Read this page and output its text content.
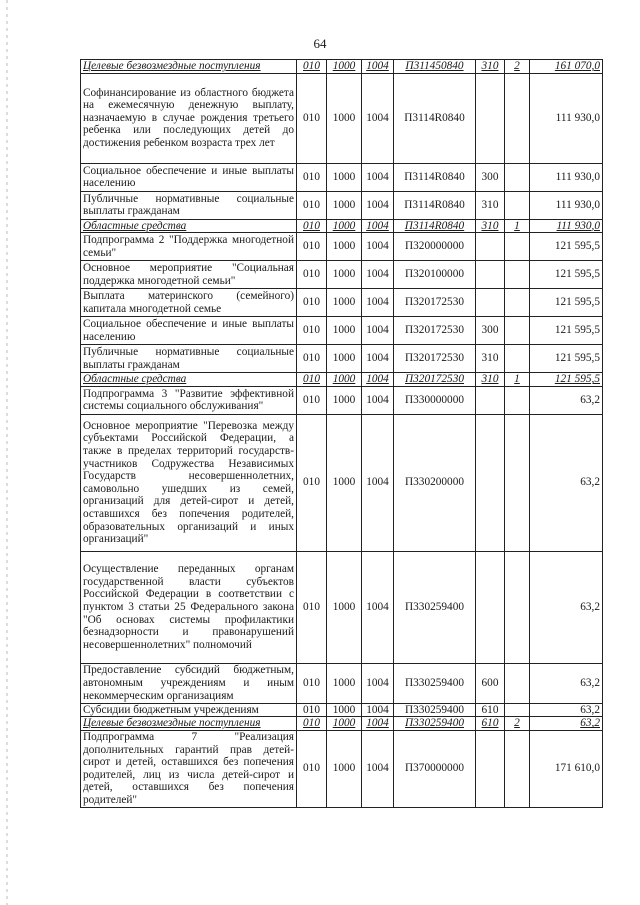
64
Целевые безвозмездные поступления	010	1000	1004	П311450840	310	2	161 070,0
Софинансирование из областного бюджета на ежемесячную денежную выплату, назначаемую в случае рождения третьего ребенка или последующих детей до достижения ребенком возраста трех лет	010	1000	1004	П3114R0840			111 930,0
Социальное обеспечение и иные выплаты населению	010	1000	1004	П3114R0840	300		111 930,0
Публичные нормативные социальные выплаты гражданам	010	1000	1004	П3114R0840	310		111 930,0
Областные средства	010	1000	1004	П3114R0840	310	1	111 930,0
Подпрограмма 2 "Поддержка многодетной семьи"	010	1000	1004	П320000000			121 595,5
Основное мероприятие "Социальная поддержка многодетной семьи"	010	1000	1004	П320100000			121 595,5
Выплата материнского (семейного) капитала многодетной семье	010	1000	1004	П320172530			121 595,5
Социальное обеспечение и иные выплаты населению	010	1000	1004	П320172530	300		121 595,5
Публичные нормативные социальные выплаты гражданам	010	1000	1004	П320172530	310		121 595,5
Областные средства	010	1000	1004	П320172530	310	1	121 595,5
Подпрограмма 3 "Развитие эффективной системы социального обслуживания"	010	1000	1004	П330000000			63,2
Основное мероприятие "Перевозка между субъектами Российской Федерации, а также в пределах территорий государств-участников Содружества Независимых Государств несовершеннолетних, самовольно ушедших из семей, организаций для детей-сирот и детей, оставшихся без попечения родителей, образовательных организаций и иных организаций"	010	1000	1004	П330200000			63,2
Осуществление переданных органам государственной власти субъектов Российской Федерации в соответствии с пунктом 3 статьи 25 Федерального закона "Об основах системы профилактики безнадзорности и правонарушений несовершеннолетних" полномочий	010	1000	1004	П330259400			63,2
Предоставление субсидий бюджетным, автономным учреждениям и иным некоммерческим организациям	010	1000	1004	П330259400	600		63,2
Субсидии бюджетным учреждениям	010	1000	1004	П330259400	610		63,2
Целевые безвозмездные поступления	010	1000	1004	П330259400	610	2	63,2
Подпрограмма 7 "Реализация дополнительных гарантий прав детей-сирот и детей, оставшихся без попечения родителей, лиц из числа детей-сирот и детей, оставшихся без попечения родителей"	010	1000	1004	П370000000			171 610,0
